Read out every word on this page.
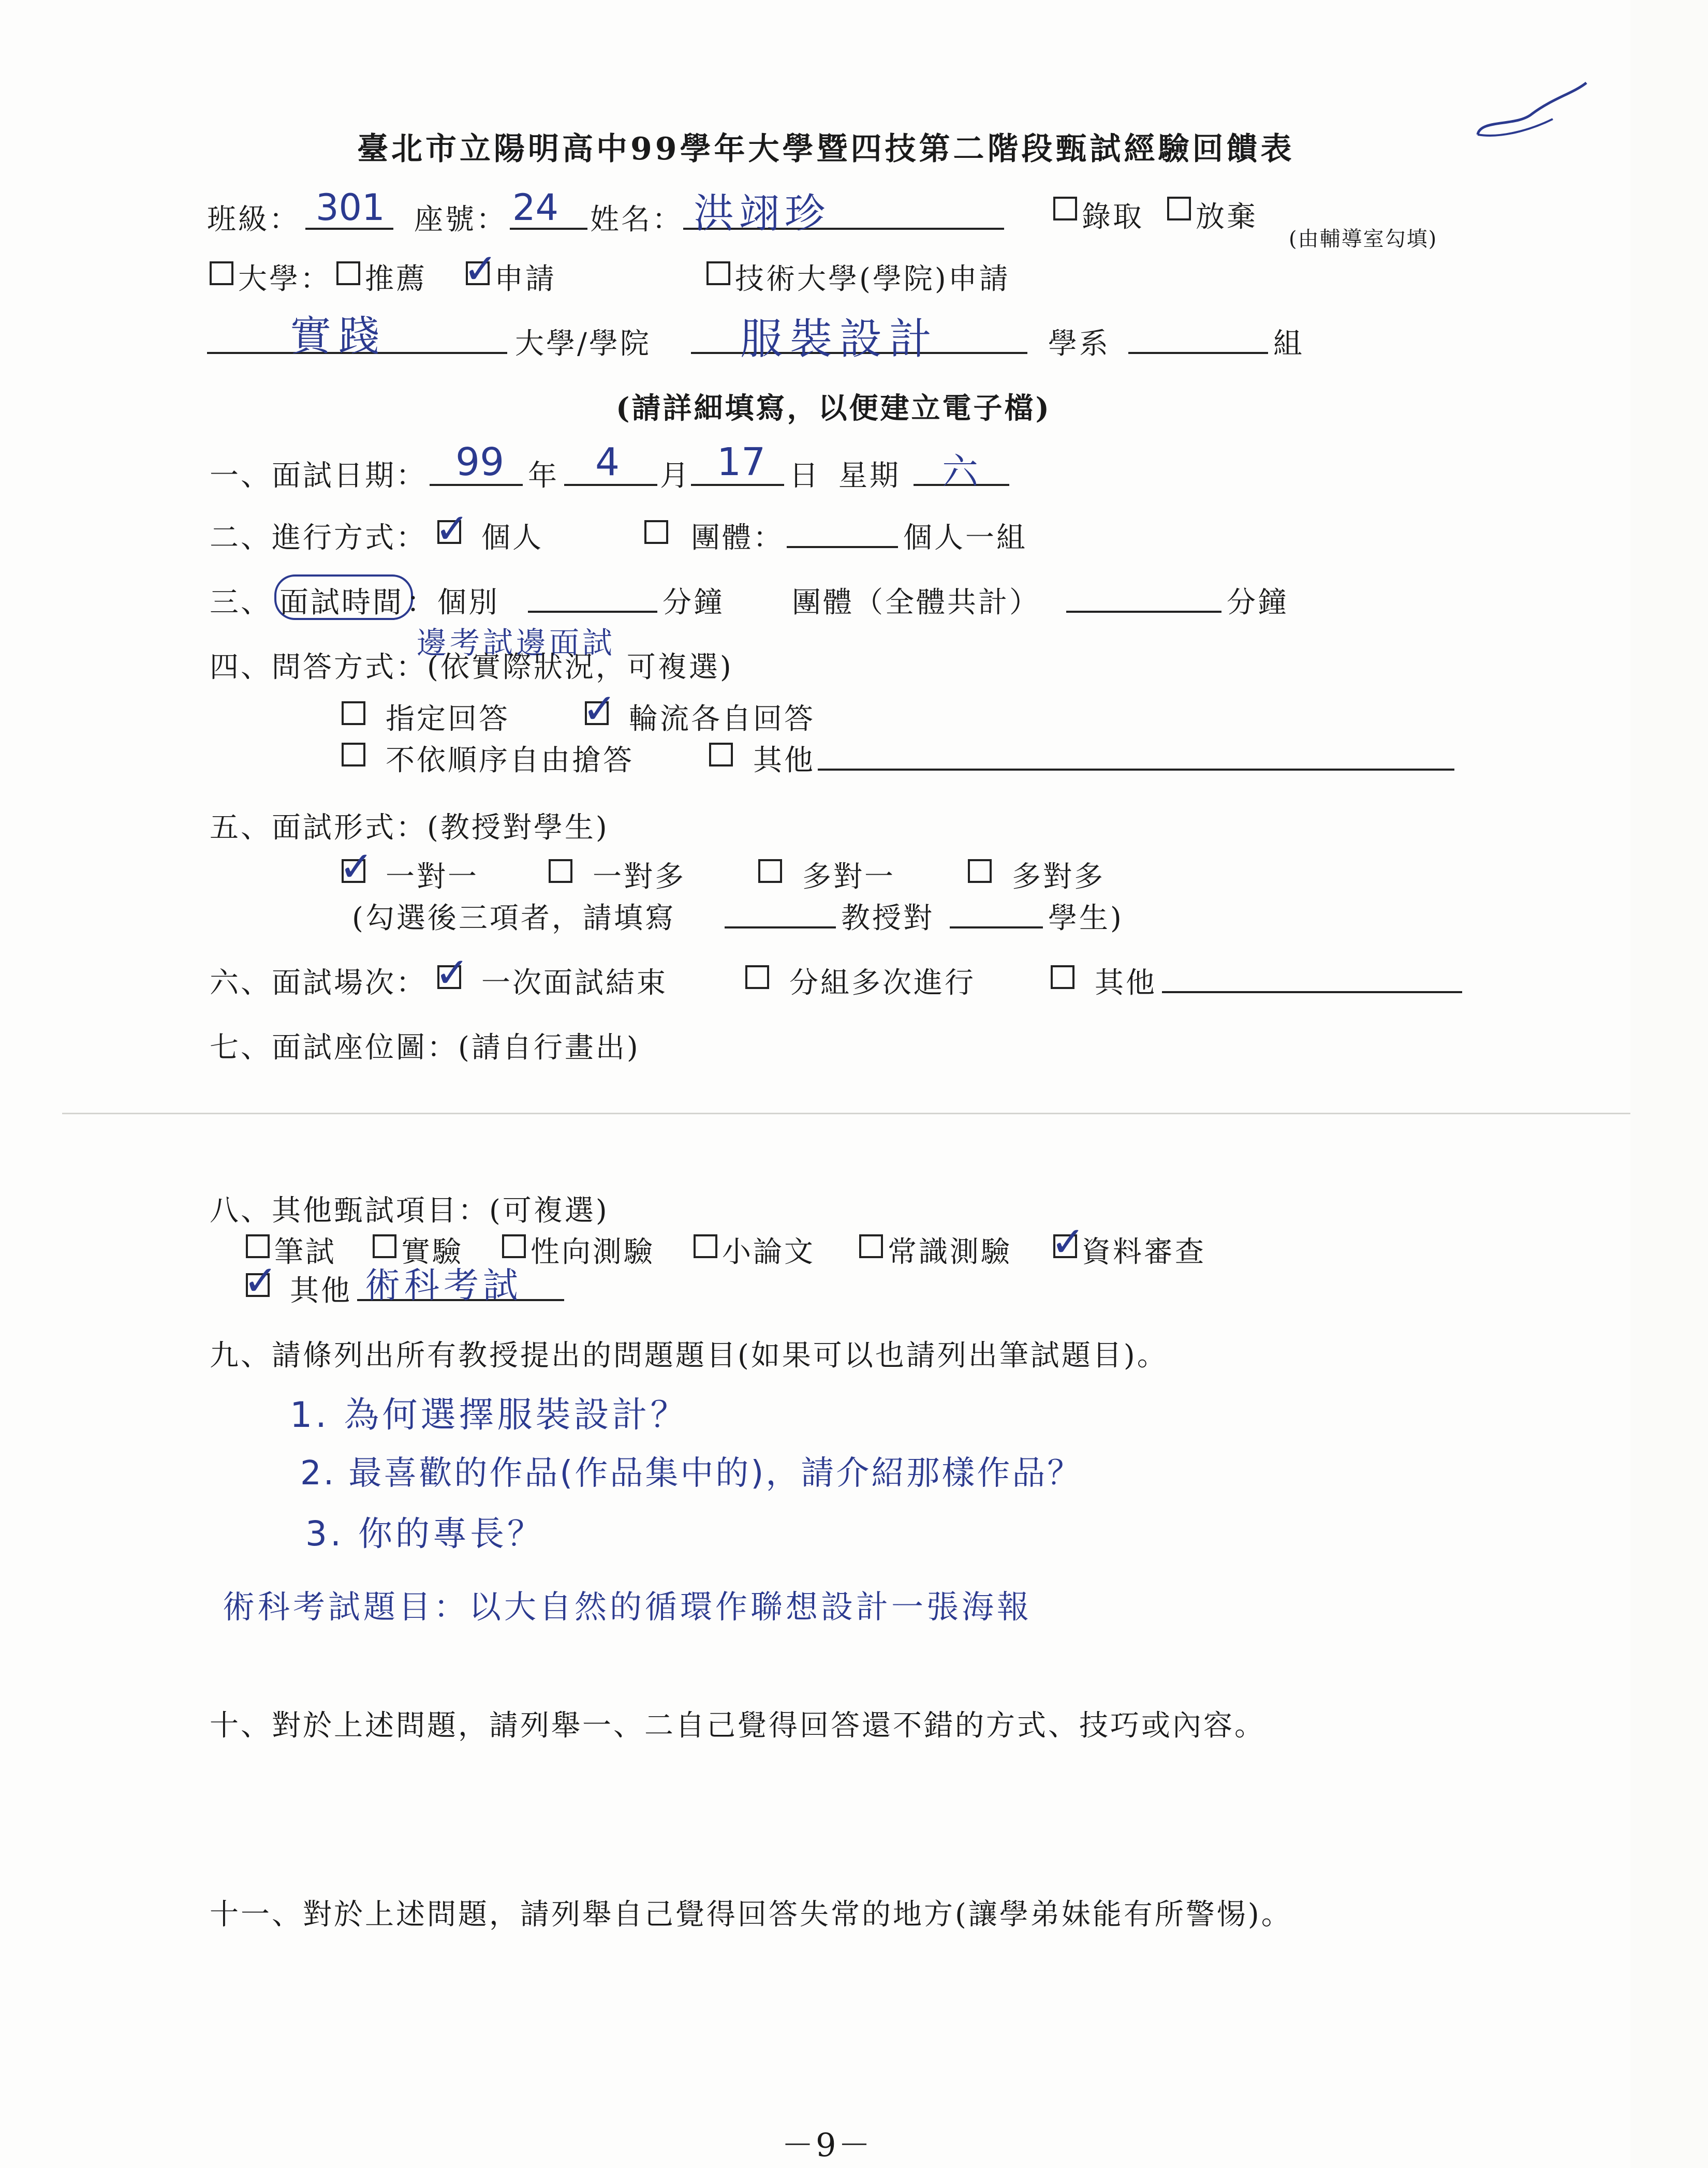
臺北市立陽明高中99學年大學暨四技第二階段甄試經驗回饋表
班級： 301 座號： 24 姓名： 洪翊珍	錄取 放棄
(由輔導室勾填)
大學： 推薦 ✓
申請	技術大學(學院)申請
實踐	大學/學院 服裝設計	學系	組
(請詳細填寫，以便建立電子檔)
一、面試日期： 99 年 4 月 17 日 星期 六
二、進行方式： ✓ 個人	團體：	個人一組
三、 面試時間 ：個別	分鐘 團體（全體共計）	分鐘
邊考試邊面試
四、問答方式：(依實際狀況，可複選)
指定回答 ✓ 輪流各自回答
不依順序自由搶答	其他
五、面試形式：(教授對學生)
✓ 一對一	一對多	多對一	多對多
(勾選後三項者，請填寫	教授對	學生)
六、面試場次： ✓ 一次面試結束	分組多次進行	其他
七、面試座位圖：(請自行畫出)
八、其他甄試項目：(可複選)
筆試 實驗 性向測驗 小論文	常識測驗 ✓
資料審查
✓ 其他 術科考試
九、請條列出所有教授提出的問題題目(如果可以也請列出筆試題目)。
1. 為何選擇服裝設計？
2. 最喜歡的作品(作品集中的)，請介紹那樣作品？
3. 你的專長？
術科考試題目：以大自然的循環作聯想設計一張海報
十、對於上述問題，請列舉一、二自己覺得回答還不錯的方式、技巧或內容。
十一、對於上述問題，請列舉自己覺得回答失常的地方(讓學弟妹能有所警惕)。
－9－
